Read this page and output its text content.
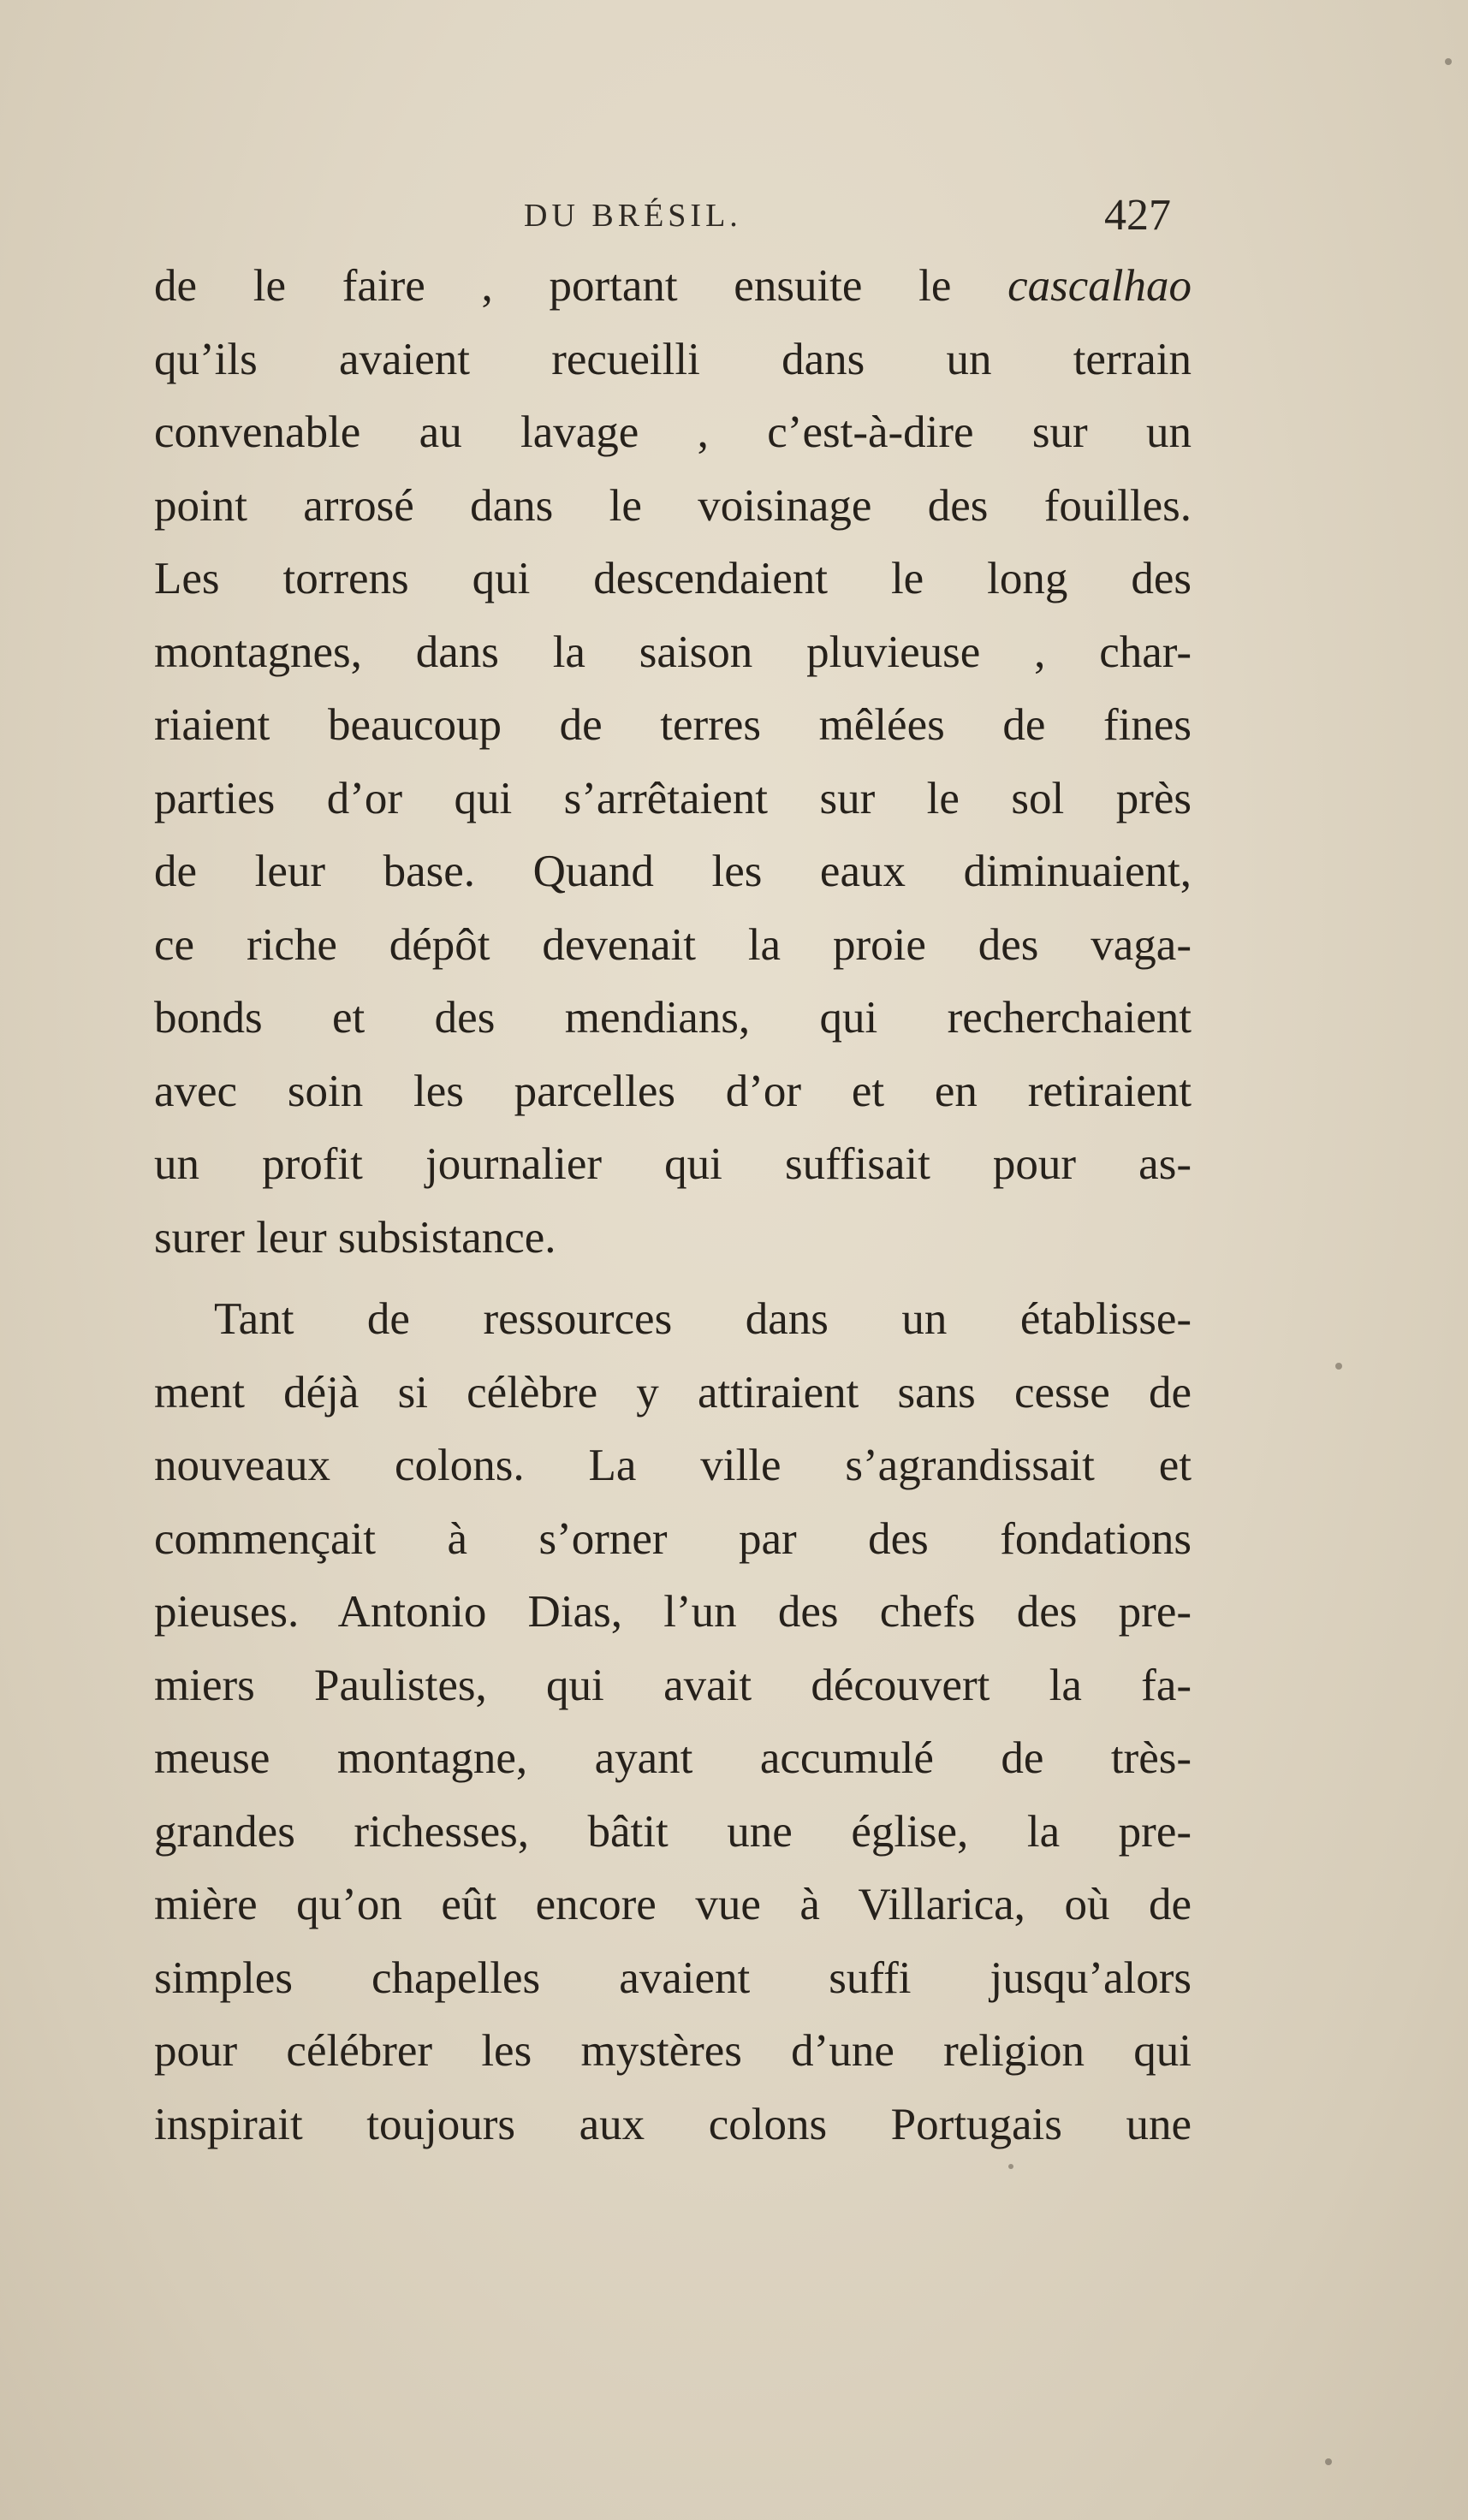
DU BRÉSIL.	427
de le faire , portant ensuite le cascalhao
qu’ils avaient recueilli dans un terrain
convenable au lavage , c’est-à-dire sur un
point arrosé dans le voisinage des fouilles.
Les torrens qui descendaient le long des
montagnes, dans la saison pluvieuse , char-
riaient beaucoup de terres mêlées de fines
parties d’or qui s’arrêtaient sur le sol près
de leur base. Quand les eaux diminuaient,
ce riche dépôt devenait la proie des vaga-
bonds et des mendians, qui recherchaient
avec soin les parcelles d’or et en retiraient
un profit journalier qui suffisait pour as-
surer leur subsistance.
Tant de ressources dans un établisse-
ment déjà si célèbre y attiraient sans cesse de
nouveaux colons. La ville s’agrandissait et
commençait à s’orner par des fondations
pieuses. Antonio Dias, l’un des chefs des pre-
miers Paulistes, qui avait découvert la fa-
meuse montagne, ayant accumulé de très-
grandes richesses, bâtit une église, la pre-
mière qu’on eût encore vue à Villarica, où de
simples chapelles avaient suffi jusqu’alors
pour célébrer les mystères d’une religion qui
inspirait toujours aux colons Portugais une
